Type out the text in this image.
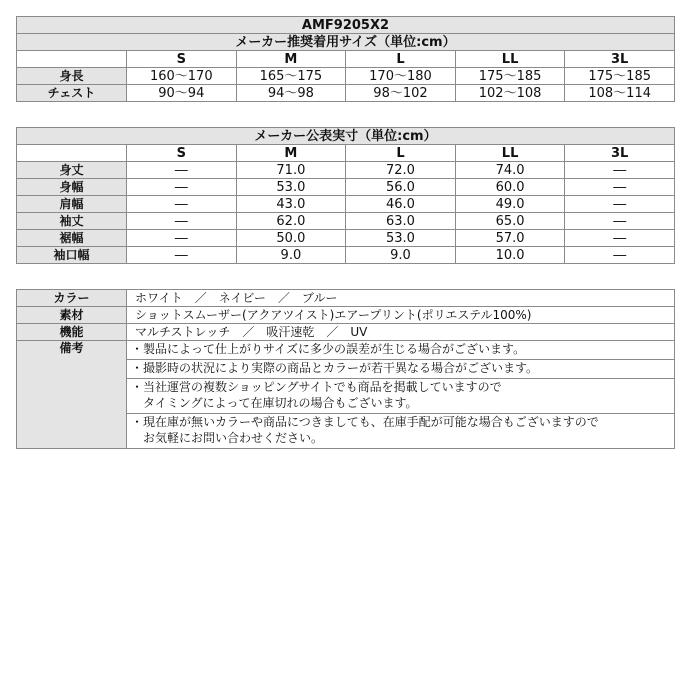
AMF9205X2					
メーカー推奨着用サイズ（単位:cm）					
	S	M	L	LL	3L
身長	160〜170	165〜175	170〜180	175〜185	175〜185
チェスト	90〜94	94〜98	98〜102	102〜108	108〜114
メーカー公表実寸（単位:cm）					
	S	M	L	LL	3L
身丈	―	71.0	72.0	74.0	―
身幅	―	53.0	56.0	60.0	―
肩幅	―	43.0	46.0	49.0	―
袖丈	―	62.0	63.0	65.0	―
裾幅	―	50.0	53.0	57.0	―
袖口幅	―	9.0	9.0	10.0	―
カラー	ホワイト　／　ネイビー　／　ブルー
素材	ショットスムーザー(アクアツイスト)エアープリント(ポリエステル100%)
機能	マルチストレッチ　／　吸汗速乾　／　UV
備考	・製品によって仕上がりサイズに多少の誤差が生じる場合がございます。

	・撮影時の状況により実際の商品とカラーが若干異なる場合がございます。

	・当社運営の複数ショッピングサイトでも商品を掲載していますので
　タイミングによって在庫切れの場合もございます。

	・現在庫が無いカラーや商品につきましても、在庫手配が可能な場合もございますので
　お気軽にお問い合わせください。
